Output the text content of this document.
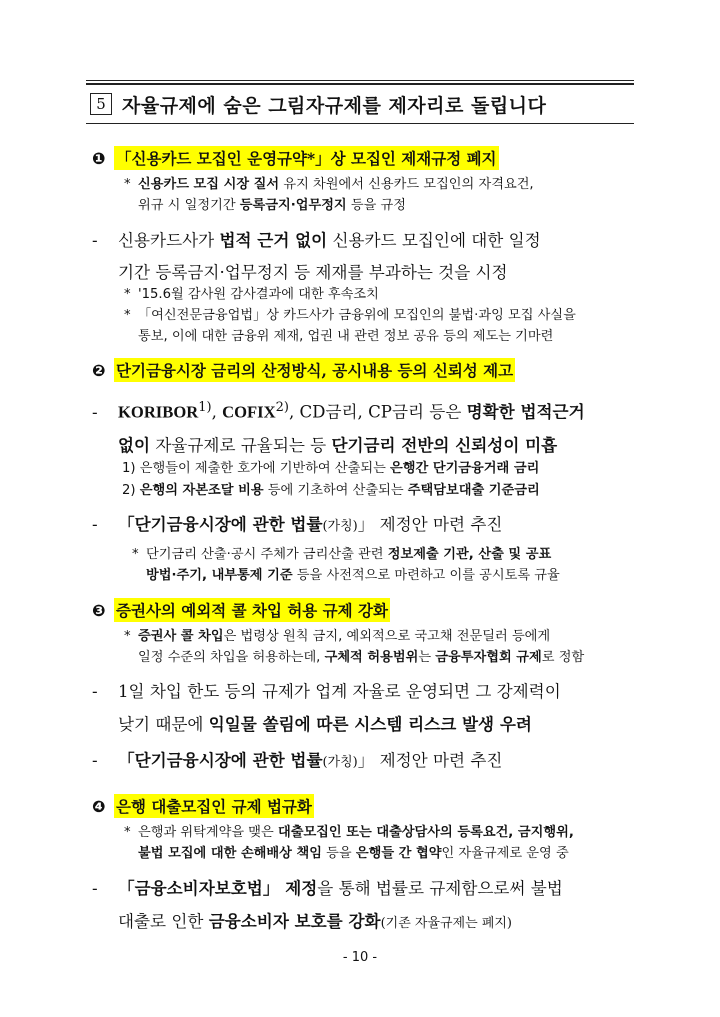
5 자율규제에 숨은 그림자규제를 제자리로 돌립니다
❶ 「신용카드 모집인 운영규약*」상 모집인 제재규정 폐지
* 신용카드 모집 시장 질서 유지 차원에서 신용카드 모집인의 자격요건,
위규 시 일정기간 등록금지·업무정지 등을 규정
- 신용카드사가 법적 근거 없이 신용카드 모집인에 대한 일정
기간 등록금지·업무정지 등 제재를 부과하는 것을 시정
* '15.6월 감사원 감사결과에 대한 후속조치
* 「여신전문금융업법」상 카드사가 금융위에 모집인의 불법·과잉 모집 사실을
통보, 이에 대한 금융위 제재, 업권 내 관련 정보 공유 등의 제도는 기마련
❷ 단기금융시장 금리의 산정방식, 공시내용 등의 신뢰성 제고
- KORIBOR$^{1)}$, COFIX$^{2)}$, CD금리, CP금리 등은 명확한 법적근거
없이 자율규제로 규율되는 등 단기금리 전반의 신뢰성이 미흡
1) 은행들이 제출한 호가에 기반하여 산출되는 은행간 단기금융거래 금리
2) 은행의 자본조달 비용 등에 기초하여 산출되는 주택담보대출 기준금리
- 「단기금융시장에 관한 법률(가칭)」 제정안 마련 추진
* 단기금리 산출·공시 주체가 금리산출 관련 정보제출 기관, 산출 및 공표
방법·주기, 내부통제 기준 등을 사전적으로 마련하고 이를 공시토록 규율
❸ 증권사의 예외적 콜 차입 허용 규제 강화
* 증권사 콜 차입은 법령상 원칙 금지, 예외적으로 국고채 전문딜러 등에게
일정 수준의 차입을 허용하는데, 구체적 허용범위는 금융투자협회 규제로 정함
- 1일 차입 한도 등의 규제가 업계 자율로 운영되면 그 강제력이
낮기 때문에 익일물 쏠림에 따른 시스템 리스크 발생 우려
- 「단기금융시장에 관한 법률(가칭)」 제정안 마련 추진
❹ 은행 대출모집인 규제 법규화
* 은행과 위탁계약을 맺은 대출모집인 또는 대출상담사의 등록요건, 금지행위,
불법 모집에 대한 손해배상 책임 등을 은행들 간 협약인 자율규제로 운영 중
- 「금융소비자보호법」 제정을 통해 법률로 규제함으로써 불법
대출로 인한 금융소비자 보호를 강화(기존 자율규제는 폐지)
- 10 -
